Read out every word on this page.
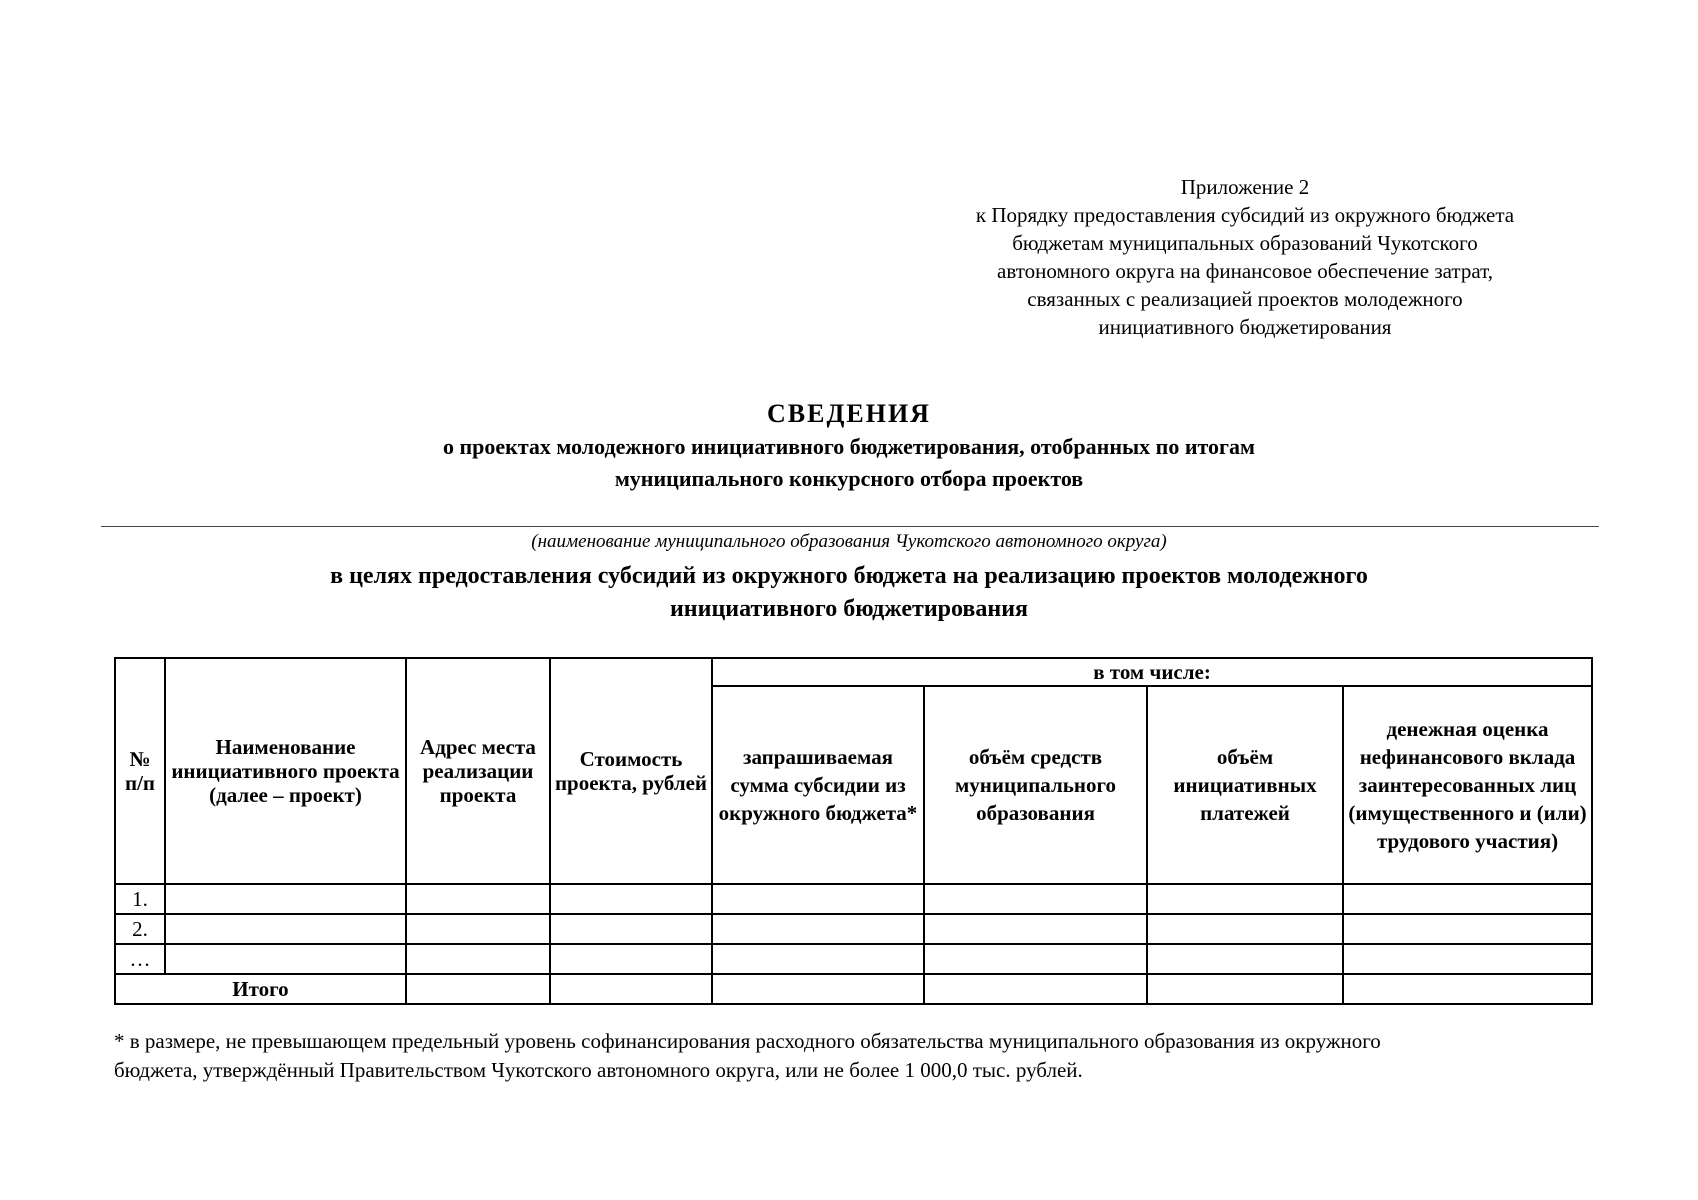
Приложение 2
к Порядку предоставления субсидий из окружного бюджета
бюджетам муниципальных образований Чукотского
автономного округа на финансовое обеспечение затрат,
связанных с реализацией проектов молодежного
инициативного бюджетирования
СВЕДЕНИЯ
о проектах молодежного инициативного бюджетирования, отобранных по итогам
муниципального конкурсного отбора проектов
(наименование муниципального образования Чукотского автономного округа)
в целях предоставления субсидий из окружного бюджета на реализацию проектов молодежного
инициативного бюджетирования
№ п/п	Наименование инициативного проекта (далее – проект)	Адрес места реализации проекта	Стоимость проекта, рублей	в том числе:			
				запрашиваемая сумма субсидии из окружного бюджета*	объём средств муниципального образования	объём инициативных платежей	денежная оценка нефинансового вклада заинтересованных лиц (имущественного и (или) трудового участия)
1.							
2.							
…							
Итого							
* в размере, не превышающем предельный уровень софинансирования расходного обязательства муниципального образования из окружного
бюджета, утверждённый Правительством Чукотского автономного округа, или не более 1 000,0 тыс. рублей.
